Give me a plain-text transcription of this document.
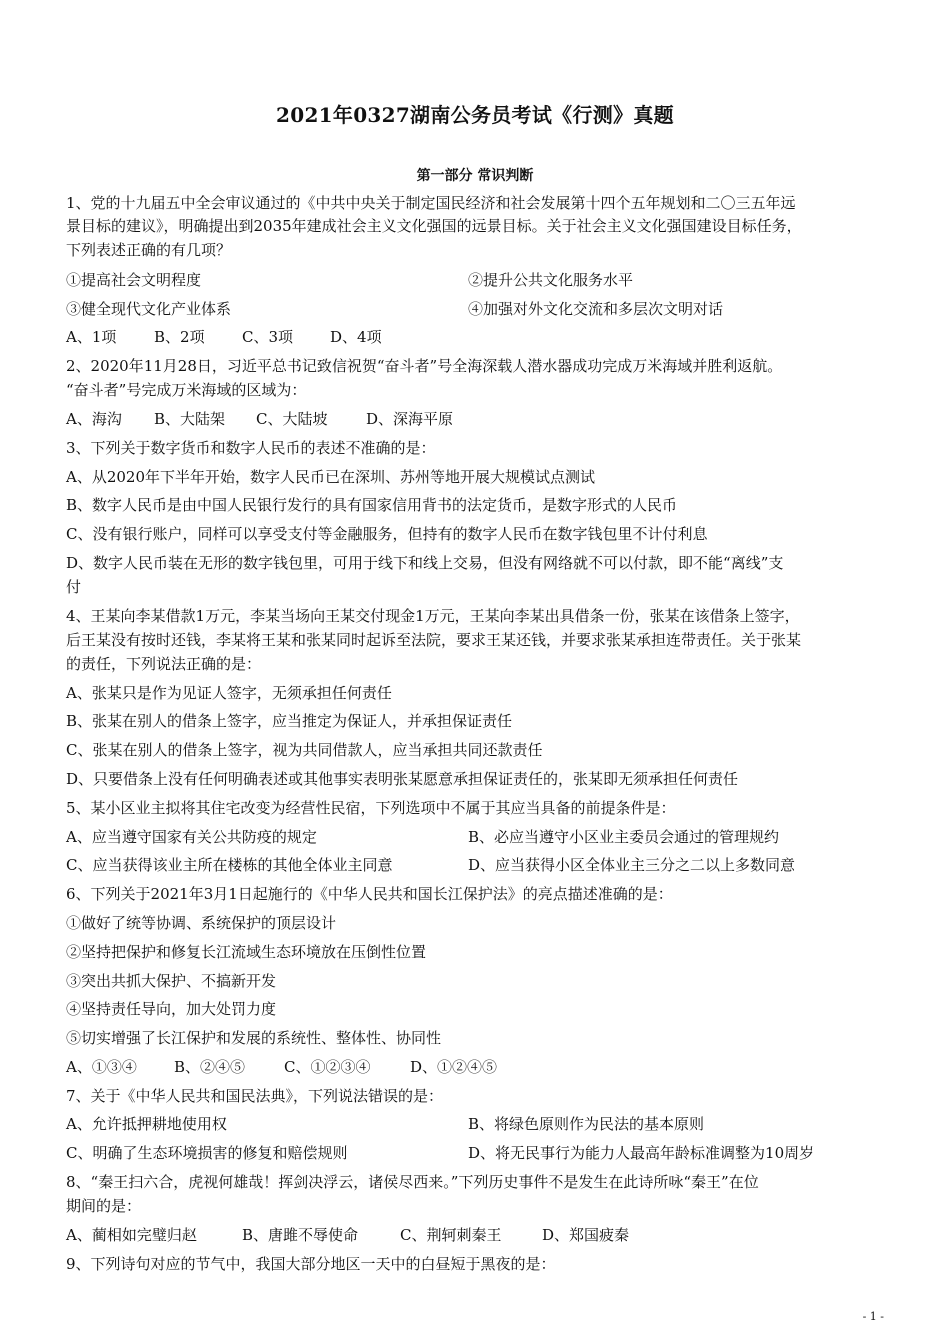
2021年0327湖南公务员考试《行测》真题
第一部分 常识判断
1、党的十九届五中全会审议通过的《中共中央关于制定国民经济和社会发展第十四个五年规划和二〇三五年远
景目标的建议》，明确提出到2035年建成社会主义文化强国的远景目标。关于社会主义文化强国建设目标任务，
下列表述正确的有几项？
①提高社会文明程度	②提升公共文化服务水平
③健全现代文化产业体系	④加强对外文化交流和多层次文明对话
A、1项	B、2项 C、3项 D、4项
2、2020年11月28日，习近平总书记致信祝贺“奋斗者”号全海深载人潜水器成功完成万米海域并胜利返航。
“奋斗者”号完成万米海域的区域为：
A、海沟 B、大陆架 C、大陆坡	D、深海平原
3、下列关于数字货币和数字人民币的表述不准确的是：
A、从2020年下半年开始，数字人民币已在深圳、苏州等地开展大规模试点测试
B、数字人民币是由中国人民银行发行的具有国家信用背书的法定货币，是数字形式的人民币
C、没有银行账户，同样可以享受支付等金融服务，但持有的数字人民币在数字钱包里不计付利息
D、数字人民币装在无形的数字钱包里，可用于线下和线上交易，但没有网络就不可以付款，即不能“离线”支
付
4、王某向李某借款1万元，李某当场向王某交付现金1万元，王某向李某出具借条一份，张某在该借条上签字，
后王某没有按时还钱，李某将王某和张某同时起诉至法院，要求王某还钱，并要求张某承担连带责任。关于张某
的责任，下列说法正确的是：
A、张某只是作为见证人签字，无须承担任何责任
B、张某在别人的借条上签字，应当推定为保证人，并承担保证责任
C、张某在别人的借条上签字，视为共同借款人，应当承担共同还款责任
D、只要借条上没有任何明确表述或其他事实表明张某愿意承担保证责任的，张某即无须承担任何责任
5、某小区业主拟将其住宅改变为经营性民宿，下列选项中不属于其应当具备的前提条件是：
A、应当遵守国家有关公共防疫的规定	B、必应当遵守小区业主委员会通过的管理规约
C、应当获得该业主所在楼栋的其他全体业主同意	D、应当获得小区全体业主三分之二以上多数同意
6、下列关于2021年3月1日起施行的《中华人民共和国长江保护法》的亮点描述准确的是：
①做好了统等协调、系统保护的顶层设计
②坚持把保护和修复长江流域生态环境放在压倒性位置
③突出共抓大保护、不搞新开发
④坚持责任导向，加大处罚力度
⑤切实增强了长江保护和发展的系统性、整体性、协同性
A、①③④ B、②④⑤	C、①②③④	D、①②④⑤
7、关于《中华人民共和国民法典》，下列说法错误的是：
A、允许抵押耕地使用权	B、将绿色原则作为民法的基本原则
C、明确了生态环境损害的修复和赔偿规则	D、将无民事行为能力人最高年龄标准调整为10周岁
8、“秦王扫六合，虎视何雄哉！挥剑决浮云，诸侯尽西来。”下列历史事件不是发生在此诗所咏“秦王”在位
期间的是：
A、蔺相如完璧归赵	B、唐雎不辱使命	C、荆轲刺秦王	D、郑国疲秦
9、下列诗句对应的节气中，我国大部分地区一天中的白昼短于黑夜的是：
- 1 -
